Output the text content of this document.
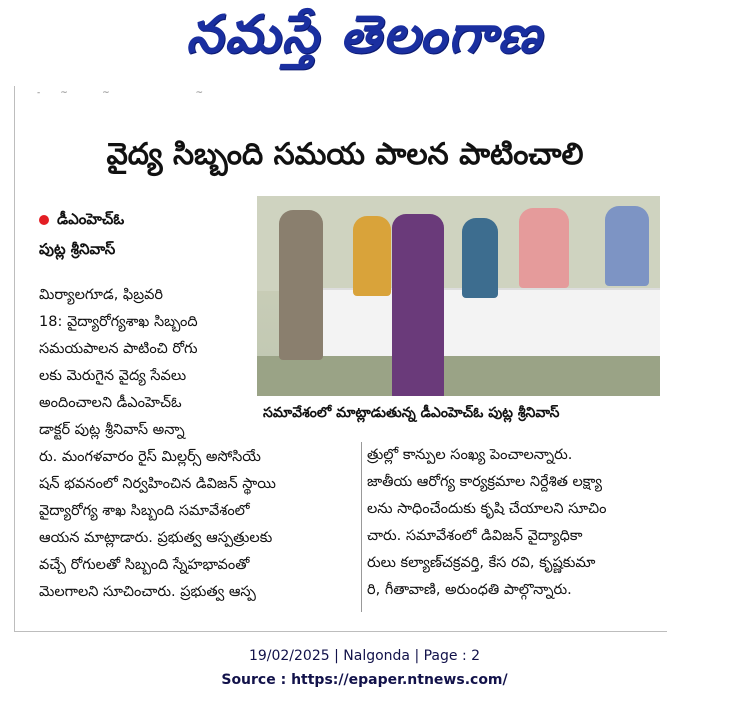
నమస్తే తెలంగాణ
-       ~            ~                              ~
వైద్య సిబ్బంది సమయ పాలన పాటించాలి
డీఎంహెచ్ఓ
పుట్ల శ్రీనివాస్
సమావేశంలో మాట్లాడుతున్న డీఎంహెచ్ఓ పుట్ల శ్రీనివాస్
మిర్యాలగూడ, ఫిబ్రవరి
18: వైద్యారోగ్యశాఖ సిబ్బంది
సమయపాలన పాటించి రోగు
లకు మెరుగైన వైద్య సేవలు
అందించాలని డీఎంహెచ్ఓ
డాక్టర్ పుట్ల శ్రీనివాస్ అన్నా
రు. మంగళవారం రైస్ మిల్లర్స్ అసోసియే
షన్ భవనంలో నిర్వహించిన డివిజన్ స్థాయి
వైద్యారోగ్య శాఖ సిబ్బంది సమావేశంలో
ఆయన మాట్లాడారు. ప్రభుత్వ ఆస్పత్రులకు
వచ్చే రోగులతో సిబ్బంది స్నేహభావంతో
మెలగాలని సూచించారు. ప్రభుత్వ ఆస్ప
త్రుల్లో కాన్పుల సంఖ్య పెంచాలన్నారు.
జాతీయ ఆరోగ్య కార్యక్రమాల నిర్దేశిత లక్ష్యా
లను సాధించేందుకు కృషి చేయాలని సూచిం
చారు. సమావేశంలో డివిజన్ వైద్యాధికా
రులు కల్యాణ్‌చక్రవర్తి, కేస రవి, కృష్ణకుమా
రి, గీతావాణి, అరుంధతి పాల్గొన్నారు.
19/02/2025 | Nalgonda | Page : 2
Source : https://epaper.ntnews.com/
